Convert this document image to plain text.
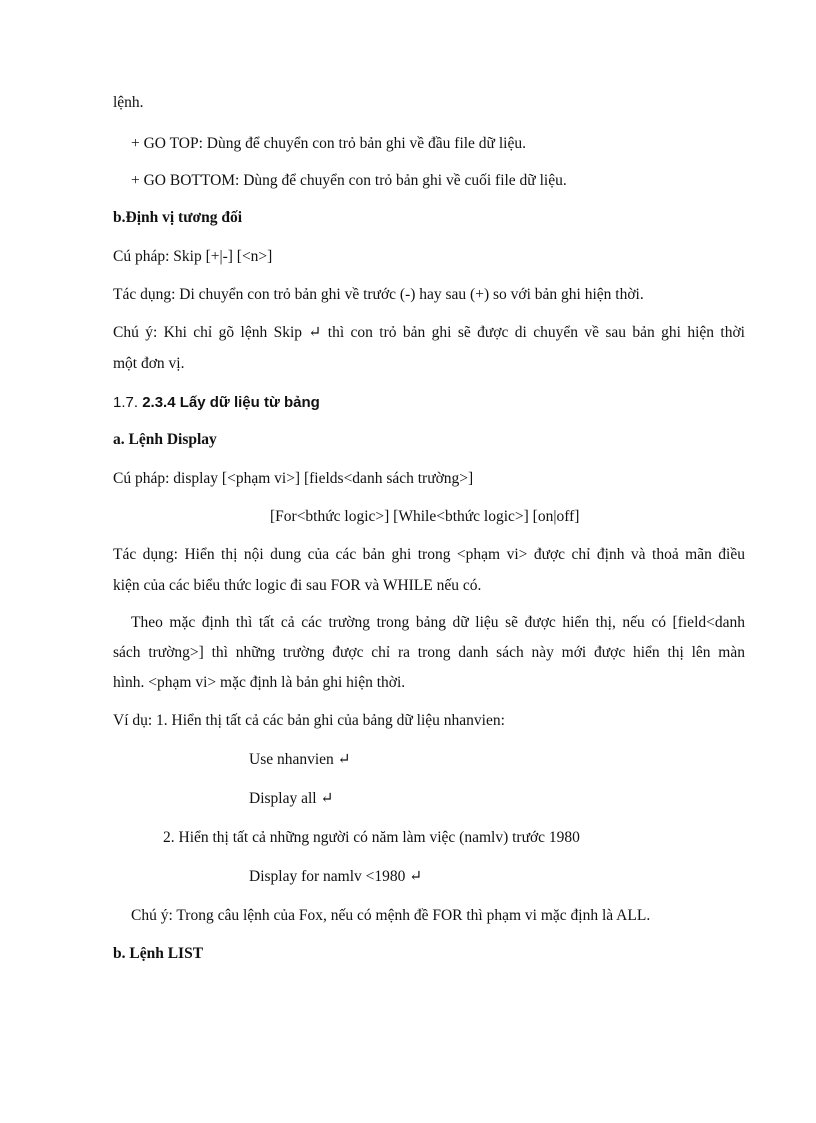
lệnh.
+ GO TOP: Dùng để chuyển con trỏ bản ghi về đầu file dữ liệu.
+ GO BOTTOM: Dùng để chuyển con trỏ bản ghi về cuối file dữ liệu.
b.Định vị tương đối
Cú pháp: Skip [+|-] [<n>]
Tác dụng: Di chuyển con trỏ bản ghi về trước (-) hay sau (+) so với bản ghi hiện thời.
Chú ý: Khi chỉ gõ lệnh Skip ↵ thì con trỏ bản ghi sẽ được di chuyển về sau bản ghi hiện thời
một đơn vị.
1.7. 2.3.4 Lấy dữ liệu từ bảng
a. Lệnh Display
Cú pháp: display [<phạm vi>] [fields<danh sách trường>]
[For<bthức logic>] [While<bthức logic>] [on|off]
Tác dụng: Hiển thị nội dung của các bản ghi trong <phạm vi> được chỉ định và thoả mãn điều
kiện của các biểu thức logic đi sau FOR và WHILE nếu có.
Theo mặc định thì tất cả các trường trong bảng dữ liệu sẽ được hiển thị, nếu có [field<danh
sách trường>] thì những trường được chỉ ra trong danh sách này mới được hiển thị lên màn
hình. <phạm vi> mặc định là bản ghi hiện thời.
Ví dụ: 1. Hiển thị tất cả các bản ghi của bảng dữ liệu nhanvien:
Use nhanvien ↵
Display all ↵
2. Hiển thị tất cả những người có năm làm việc (namlv) trước 1980
Display for namlv <1980 ↵
Chú ý: Trong câu lệnh của Fox, nếu có mệnh đề FOR thì phạm vi mặc định là ALL.
b. Lệnh LIST
